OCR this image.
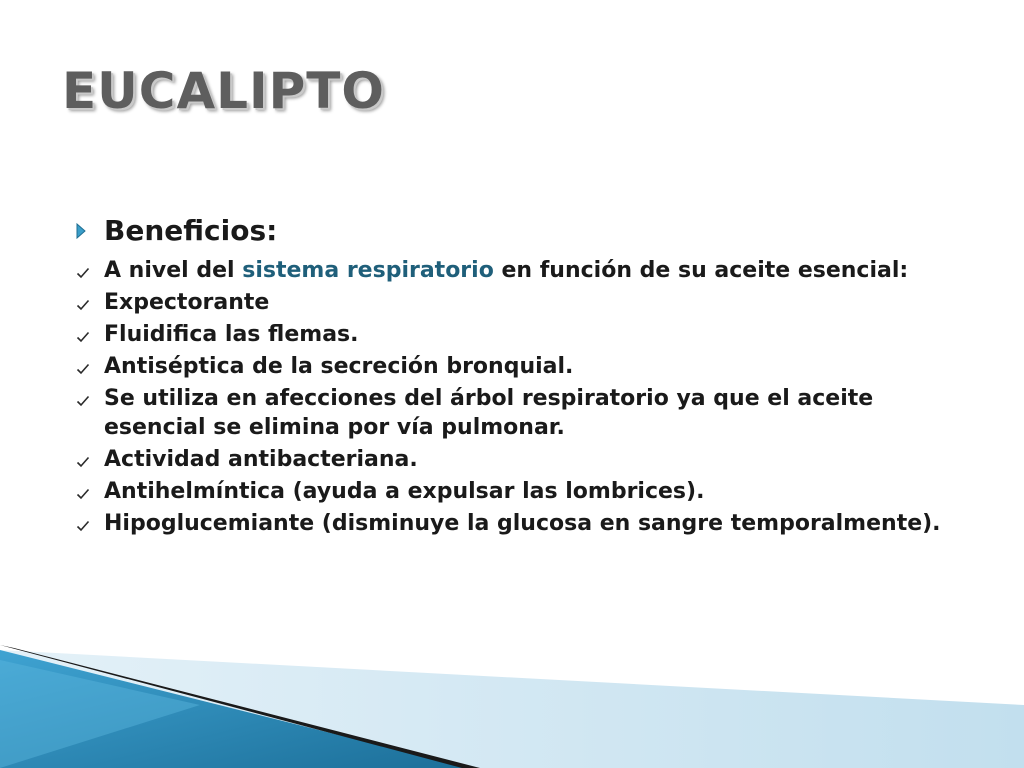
EUCALIPTO
Beneficios:
A nivel del sistema respiratorio en función de su aceite esencial:
Expectorante
Fluidifica las flemas.
Antiséptica de la secreción bronquial.
Se utiliza en afecciones del árbol respiratorio ya que el aceite esencial se elimina por vía pulmonar.
Actividad antibacteriana.
Antihelmíntica (ayuda a expulsar las lombrices).
Hipoglucemiante (disminuye la glucosa en sangre temporalmente).
